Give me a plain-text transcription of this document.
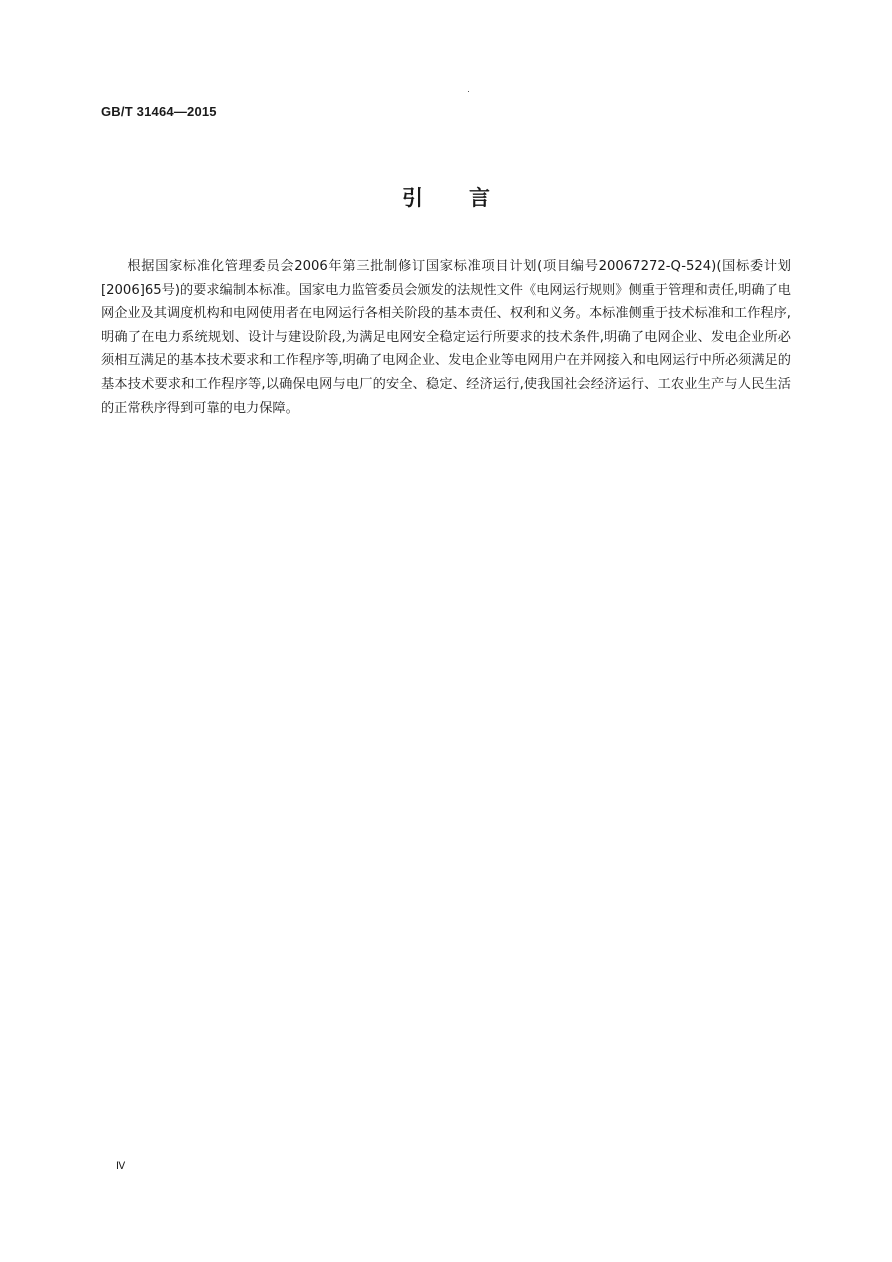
GB/T 31464—2015
引言

根据国家标准化管理委员会2006年第三批制修订国家标准项目计划(项目编号20067272-Q-524)(国标委计划[2006]65号)的要求编制本标准。国家电力监管委员会颁发的法规性文件《电网运行规则》侧重于管理和责任,明确了电网企业及其调度机构和电网使用者在电网运行各相关阶段的基本责任、权利和义务。本标准侧重于技术标准和工作程序,明确了在电力系统规划、设计与建设阶段,为满足电网安全稳定运行所要求的技术条件,明确了电网企业、发电企业所必须相互满足的基本技术要求和工作程序等,明确了电网企业、发电企业等电网用户在并网接入和电网运行中所必须满足的基本技术要求和工作程序等,以确保电网与电厂的安全、稳定、经济运行,使我国社会经济运行、工农业生产与人民生活的正常秩序得到可靠的电力保障。

Ⅳ
